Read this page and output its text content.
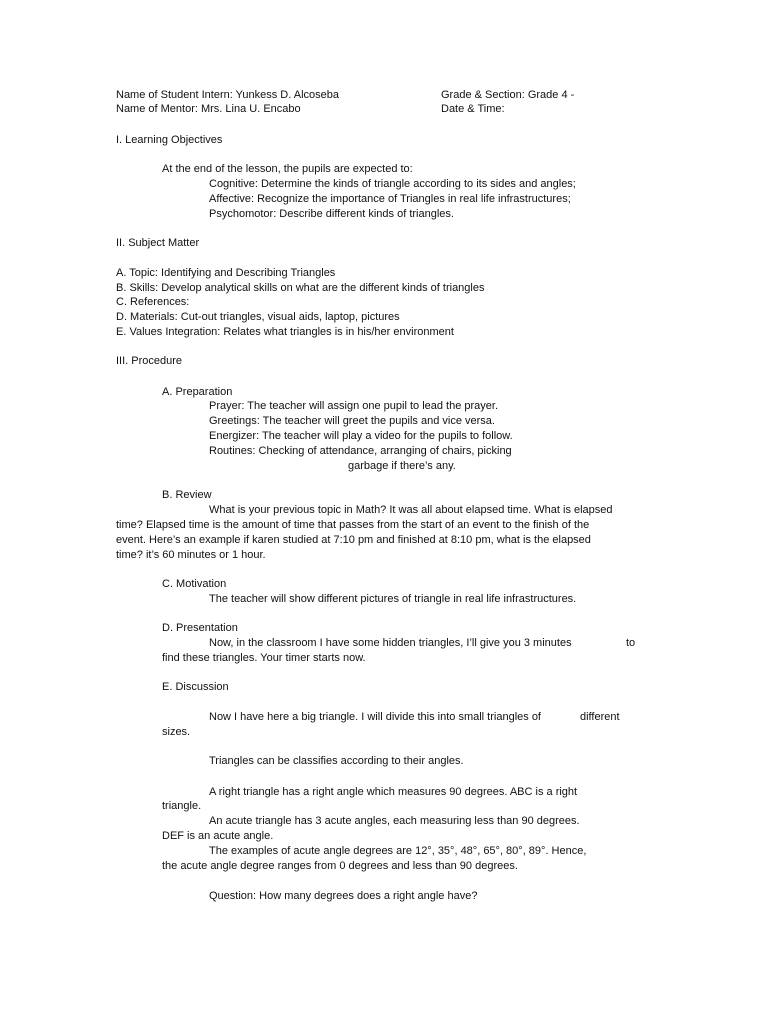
Name of Student Intern: Yunkess D. Alcoseba	Grade & Section: Grade 4 -
Name of Mentor: Mrs. Lina U. Encabo	Date & Time:
I. Learning Objectives
At the end of the lesson, the pupils are expected to:
Cognitive: Determine the kinds of triangle according to its sides and angles;
Affective: Recognize the importance of Triangles in real life infrastructures;
Psychomotor: Describe different kinds of triangles.
II. Subject Matter
A. Topic: Identifying and Describing Triangles
B. Skills: Develop analytical skills on what are the different kinds of triangles
C. References:
D. Materials: Cut-out triangles, visual aids, laptop, pictures
E. Values Integration: Relates what triangles is in his/her environment
III. Procedure
A. Preparation
Prayer: The teacher will assign one pupil to lead the prayer.
Greetings: The teacher will greet the pupils and vice versa.
Energizer: The teacher will play a video for the pupils to follow.
Routines: Checking of attendance, arranging of chairs, picking
garbage if there’s any.
B. Review
What is your previous topic in Math? It was all about elapsed time. What is elapsed
time? Elapsed time is the amount of time that passes from the start of an event to the finish of the
event. Here’s an example if karen studied at 7:10 pm and finished at 8:10 pm, what is the elapsed
time? it’s 60 minutes or 1 hour.
C. Motivation
The teacher will show different pictures of triangle in real life infrastructures.
D. Presentation
Now, in the classroom I have some hidden triangles, I’ll give you 3 minutes	to
find these triangles. Your timer starts now.
E. Discussion
Now I have here a big triangle. I will divide this into small triangles of	different
sizes.
Triangles can be classifies according to their angles.
A right triangle has a right angle which measures 90 degrees. ABC is a right
triangle.
An acute triangle has 3 acute angles, each measuring less than 90 degrees.
DEF is an acute angle.
The examples of acute angle degrees are 12°, 35°, 48°, 65°, 80°, 89°. Hence,
the acute angle degree ranges from 0 degrees and less than 90 degrees.
Question: How many degrees does a right angle have?
